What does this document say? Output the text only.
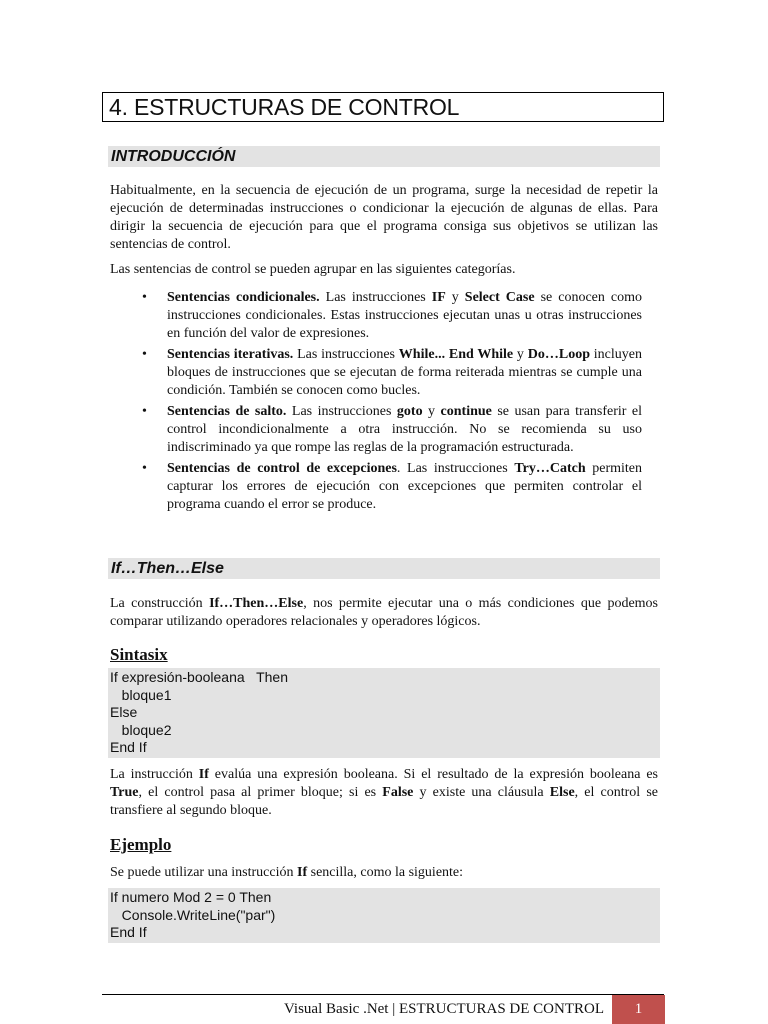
4. ESTRUCTURAS DE CONTROL
INTRODUCCIÓN

Habitualmente, en la secuencia de ejecución de un programa, surge la necesidad de repetir la ejecución de determinadas instrucciones o condicionar la ejecución de algunas de ellas. Para dirigir la secuencia de ejecución para que el programa consiga sus objetivos se utilizan las sentencias de control.

Las sentencias de control se pueden agrupar en las siguientes categorías.

• Sentencias condicionales. Las instrucciones IF y Select Case se conocen como instrucciones condicionales. Estas instrucciones ejecutan unas u otras instrucciones en función del valor de expresiones.
• Sentencias iterativas. Las instrucciones While... End While y Do…Loop incluyen bloques de instrucciones que se ejecutan de forma reiterada mientras se cumple una condición. También se conocen como bucles.
• Sentencias de salto. Las instrucciones goto y continue se usan para transferir el control incondicionalmente a otra instrucción. No se recomienda su uso indiscriminado ya que rompe las reglas de la programación estructurada.
• Sentencias de control de excepciones. Las instrucciones Try…Catch permiten capturar los errores de ejecución con excepciones que permiten controlar el programa cuando el error se produce.
If…Then…Else

La construcción If…Then…Else, nos permite ejecutar una o más condiciones que podemos comparar utilizando operadores relacionales y operadores lógicos.

Sintasix
If expresión-booleana   Then
bloque1
Else
bloque2
End If

La instrucción If evalúa una expresión booleana. Si el resultado de la expresión booleana es True, el control pasa al primer bloque; si es False y existe una cláusula Else, el control se transfiere al segundo bloque.

Ejemplo

Se puede utilizar una instrucción If sencilla, como la siguiente:

If numero Mod 2 = 0 Then
Console.WriteLine("par")
End If
Visual Basic .Net | ESTRUCTURAS DE CONTROL	1
